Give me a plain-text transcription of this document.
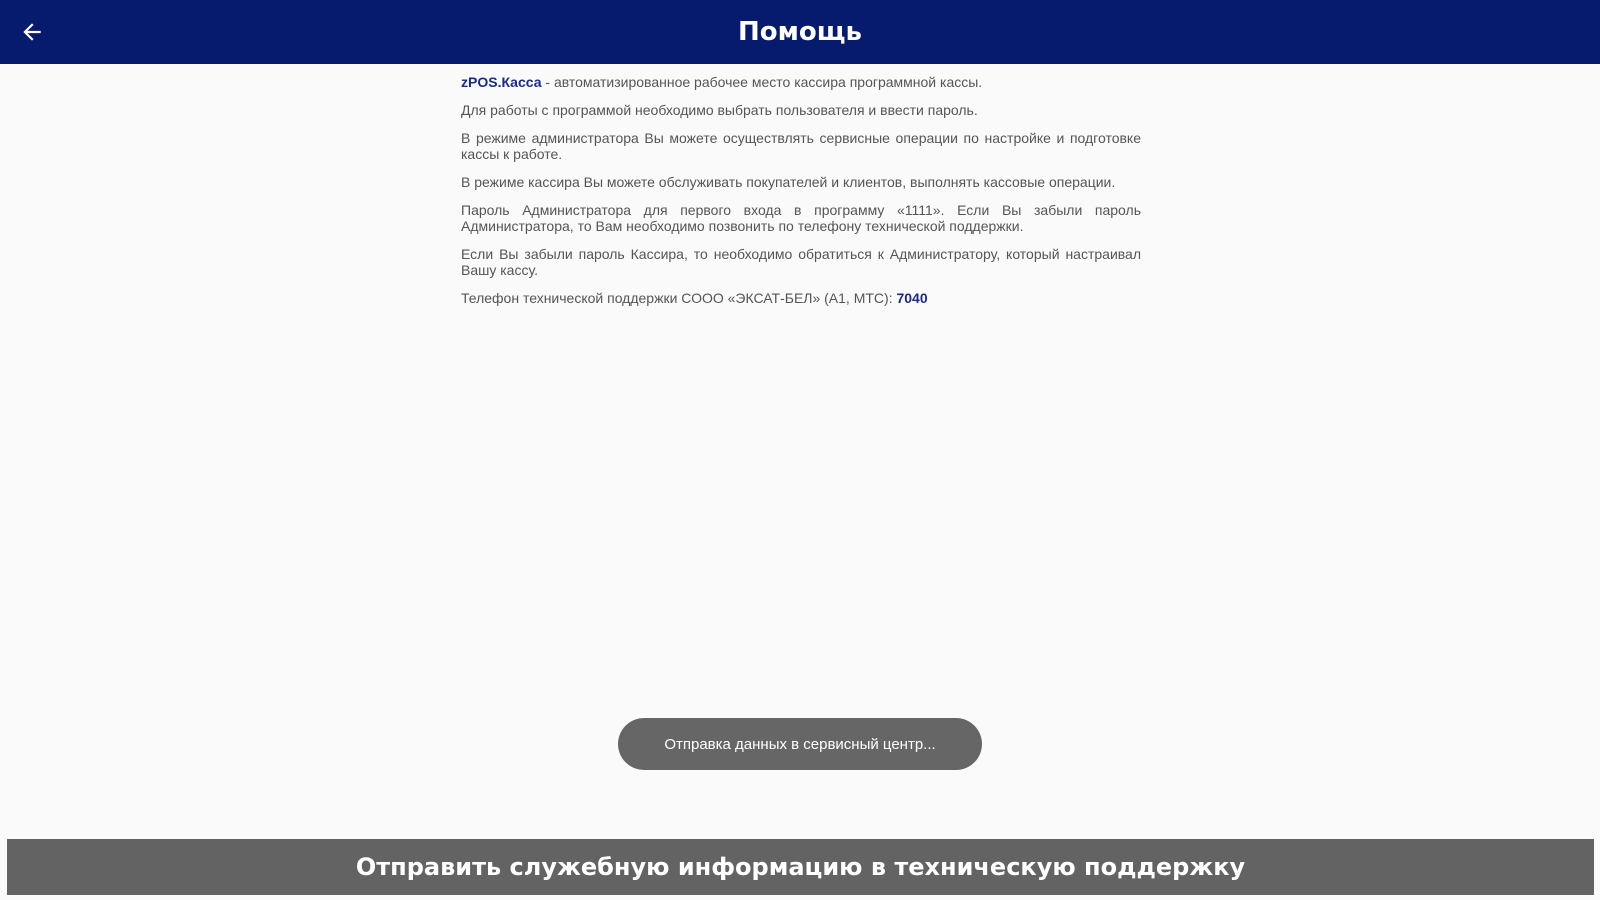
Помощь

zPOS.Касса - автоматизированное рабочее место кассира программной кассы.

Для работы с программой необходимо выбрать пользователя и ввести пароль.

В режиме администратора Вы можете осуществлять сервисные операции по настройке и подготовке кассы к работе.

В режиме кассира Вы можете обслуживать покупателей и клиентов, выполнять кассовые операции.

Пароль Администратора для первого входа в программу «1111». Если Вы забыли пароль Администратора, то Вам необходимо позвонить по телефону технической поддержки.

Если Вы забыли пароль Кассира, то необходимо обратиться к Администратору, который настраивал Вашу кассу.

Телефон технической поддержки СООО «ЭКСАТ-БЕЛ» (A1, МТС): 7040

Отправка данных в сервисный центр...
Отправить служебную информацию в техническую поддержку
